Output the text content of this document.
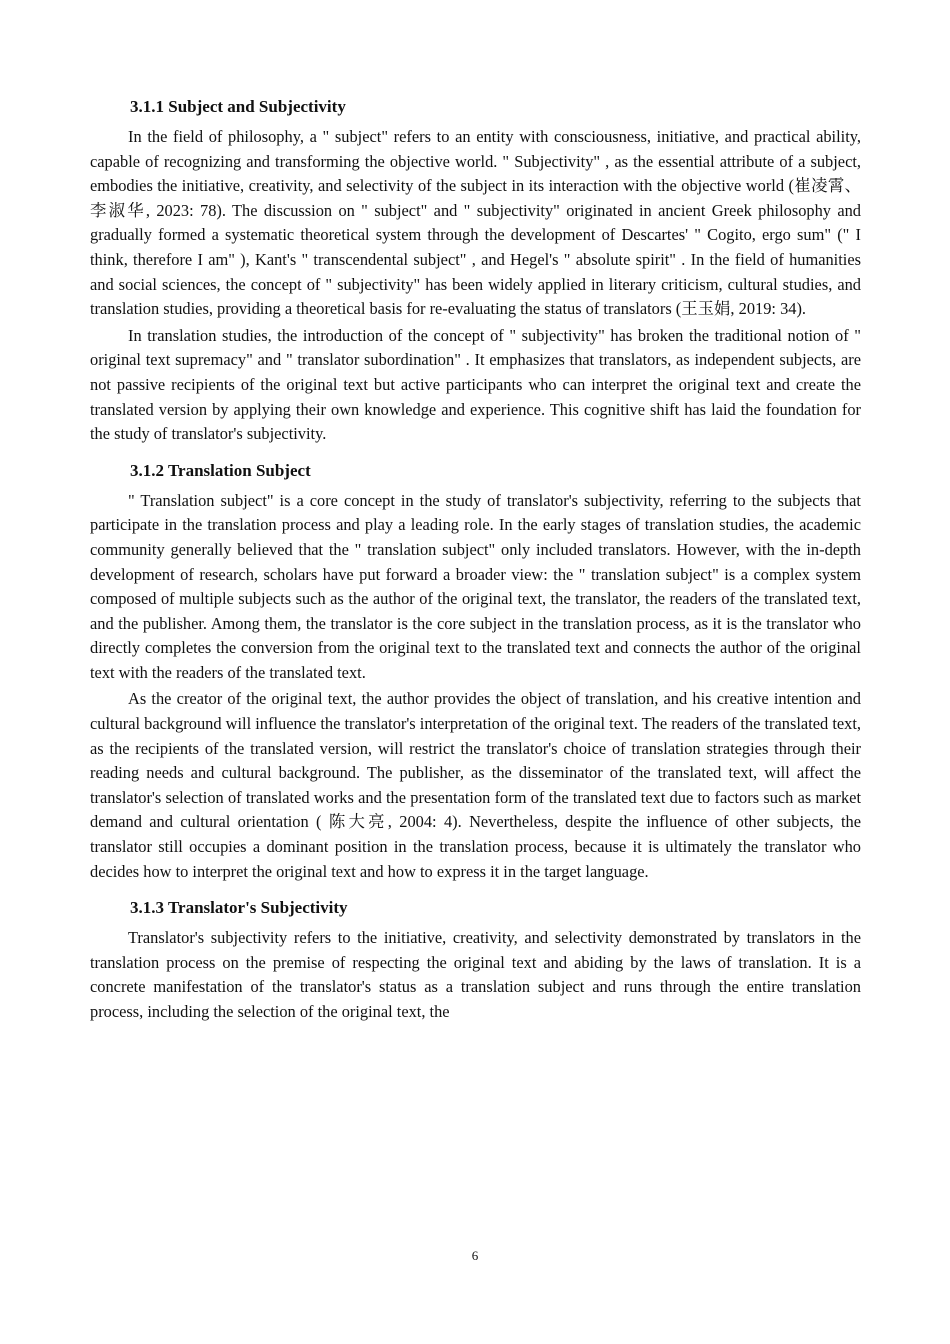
3.1.1 Subject and Subjectivity

In the field of philosophy, a " subject" refers to an entity with consciousness, initiative, and practical ability, capable of recognizing and transforming the objective world. " Subjectivity" , as the essential attribute of a subject, embodies the initiative, creativity, and selectivity of the subject in its interaction with the objective world (崔凌霄、李淑华, 2023: 78). The discussion on " subject" and " subjectivity" originated in ancient Greek philosophy and gradually formed a systematic theoretical system through the development of Descartes' " Cogito, ergo sum" (" I think, therefore I am" ), Kant's " transcendental subject" , and Hegel's " absolute spirit" . In the field of humanities and social sciences, the concept of " subjectivity" has been widely applied in literary criticism, cultural studies, and translation studies, providing a theoretical basis for re-evaluating the status of translators (王玉娟, 2019: 34).

In translation studies, the introduction of the concept of " subjectivity" has broken the traditional notion of " original text supremacy" and " translator subordination" . It emphasizes that translators, as independent subjects, are not passive recipients of the original text but active participants who can interpret the original text and create the translated version by applying their own knowledge and experience. This cognitive shift has laid the foundation for the study of translator's subjectivity.

3.1.2 Translation Subject

" Translation subject" is a core concept in the study of translator's subjectivity, referring to the subjects that participate in the translation process and play a leading role. In the early stages of translation studies, the academic community generally believed that the " translation subject" only included translators. However, with the in-depth development of research, scholars have put forward a broader view: the " translation subject" is a complex system composed of multiple subjects such as the author of the original text, the translator, the readers of the translated text, and the publisher. Among them, the translator is the core subject in the translation process, as it is the translator who directly completes the conversion from the original text to the translated text and connects the author of the original text with the readers of the translated text.

As the creator of the original text, the author provides the object of translation, and his creative intention and cultural background will influence the translator's interpretation of the original text. The readers of the translated text, as the recipients of the translated version, will restrict the translator's choice of translation strategies through their reading needs and cultural background. The publisher, as the disseminator of the translated text, will affect the translator's selection of translated works and the presentation form of the translated text due to factors such as market demand and cultural orientation ( 陈大亮, 2004: 4). Nevertheless, despite the influence of other subjects, the translator still occupies a dominant position in the translation process, because it is ultimately the translator who decides how to interpret the original text and how to express it in the target language.

3.1.3 Translator's Subjectivity

Translator's subjectivity refers to the initiative, creativity, and selectivity demonstrated by translators in the translation process on the premise of respecting the original text and abiding by the laws of translation. It is a concrete manifestation of the translator's status as a translation subject and runs through the entire translation process, including the selection of the original text, the

6
